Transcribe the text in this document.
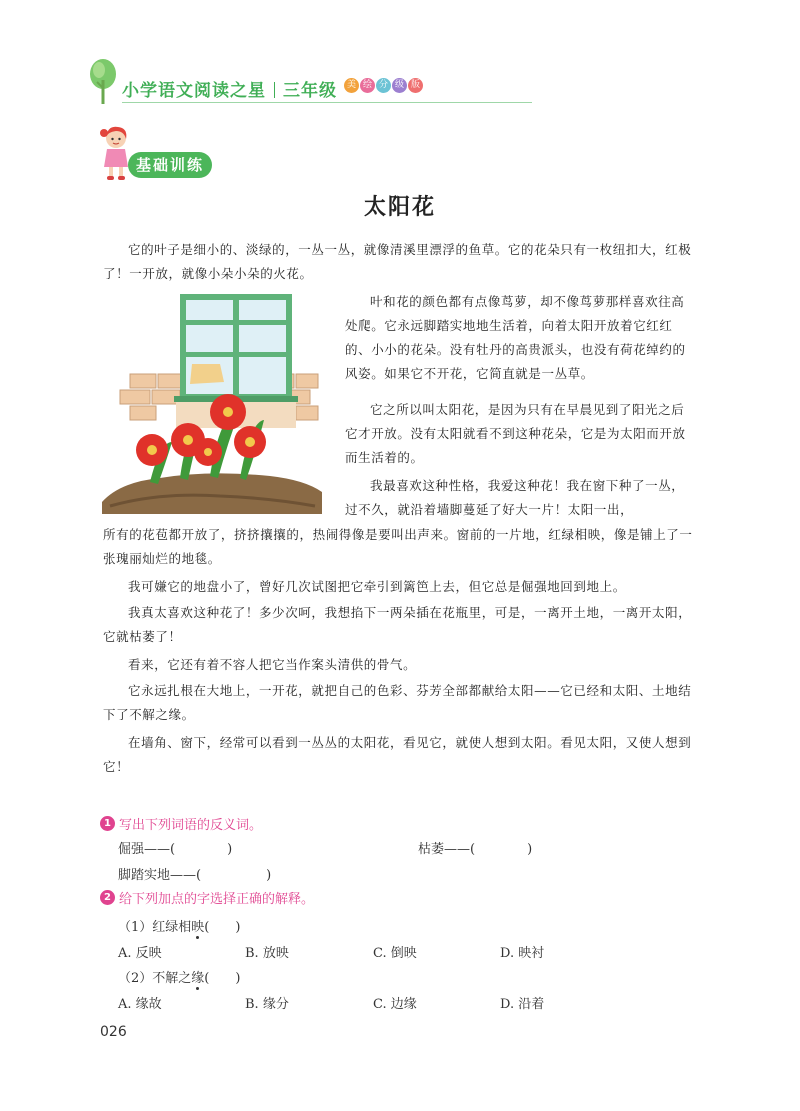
小学语文阅读之星 三年级	美 绘 分 级 版
基础训练
太阳花
它的叶子是细小的、淡绿的，一丛一丛，就像清溪里漂浮的鱼草。它的花朵只有一枚纽扣大，红极了！一开放，就像小朵小朵的火花。
叶和花的颜色都有点像茑萝，却不像茑萝那样喜欢往高处爬。它永远脚踏实地地生活着，向着太阳开放着它红红的、小小的花朵。没有牡丹的高贵派头，也没有荷花绰约的风姿。如果它不开花，它简直就是一丛草。
它之所以叫太阳花，是因为只有在早晨见到了阳光之后它才开放。没有太阳就看不到这种花朵，它是为太阳而开放而生活着的。
我最喜欢这种性格，我爱这种花！我在窗下种了一丛，过不久，就沿着墙脚蔓延了好大一片！太阳一出，
所有的花苞都开放了，挤挤攘攘的，热闹得像是要叫出声来。窗前的一片地，红绿相映，像是铺上了一张瑰丽灿烂的地毯。
我可嫌它的地盘小了，曾好几次试图把它牵引到篱笆上去，但它总是倔强地回到地上。
我真太喜欢这种花了！多少次呵，我想掐下一两朵插在花瓶里，可是，一离开土地，一离开太阳，它就枯萎了！
看来，它还有着不容人把它当作案头清供的骨气。
它永远扎根在大地上，一开花，就把自己的色彩、芬芳全部都献给太阳——它已经和太阳、土地结下了不解之缘。
在墙角、窗下，经常可以看到一丛丛的太阳花，看见它，就使人想到太阳。看见太阳，又使人想到它！
1 写出下列词语的反义词。
倔强——(　　　　)	枯萎——(　　　　)
脚踏实地——(　　　　　)
2 给下列加点的字选择正确的解释。
（1）红绿相映(　　)
A. 反映	B. 放映	C. 倒映	D. 映衬
（2）不解之缘(　　)
A. 缘故	B. 缘分	C. 边缘	D. 沿着
026
